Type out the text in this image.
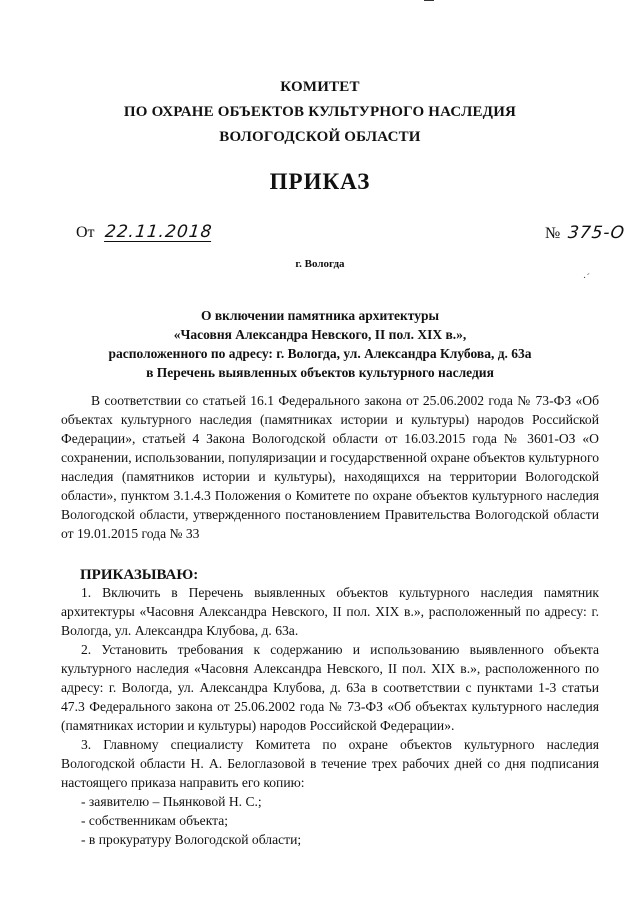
КОМИТЕТ
ПО ОХРАНЕ ОБЪЕКТОВ КУЛЬТУРНОГО НАСЛЕДИЯ
ВОЛОГОДСКОЙ ОБЛАСТИ
ПРИКАЗ
От 22.11.2018	№ 375-О
г. Вологда
·´
О включении памятника архитектуры
«Часовня Александра Невского, II пол. XIX в.»,
расположенного по адресу: г. Вологда, ул. Александра Клубова, д. 63а
в Перечень выявленных объектов культурного наследия
В соответствии со статьей 16.1 Федерального закона от 25.06.2002 года № 73-ФЗ «Об объектах культурного наследия (памятниках истории и культуры) народов Российской Федерации», статьей 4 Закона Вологодской области от 16.03.2015 года № 3601-ОЗ «О сохранении, использовании, популяризации и государственной охране объектов культурного наследия (памятников истории и культуры), находящихся на территории Вологодской области», пунктом 3.1.4.3 Положения о Комитете по охране объектов культурного наследия Вологодской области, утвержденного постановлением Правительства Вологодской области от 19.01.2015 года № 33
ПРИКАЗЫВАЮ:

1. Включить в Перечень выявленных объектов культурного наследия памятник архитектуры «Часовня Александра Невского, II пол. XIX в.», расположенный по адресу: г. Вологда, ул. Александра Клубова, д. 63а.

2. Установить требования к содержанию и использованию выявленного объекта культурного наследия «Часовня Александра Невского, II пол. XIX в.», расположенного по адресу: г. Вологда, ул. Александра Клубова, д. 63а в соответствии с пунктами 1-3 статьи 47.3 Федерального закона от 25.06.2002 года № 73-ФЗ «Об объектах культурного наследия (памятниках истории и культуры) народов Российской Федерации».

3. Главному специалисту Комитета по охране объектов культурного наследия Вологодской области Н. А. Белоглазовой в течение трех рабочих дней со дня подписания настоящего приказа направить его копию:

- заявителю – Пьянковой Н. С.;

- собственникам объекта;

- в прокуратуру Вологодской области;
